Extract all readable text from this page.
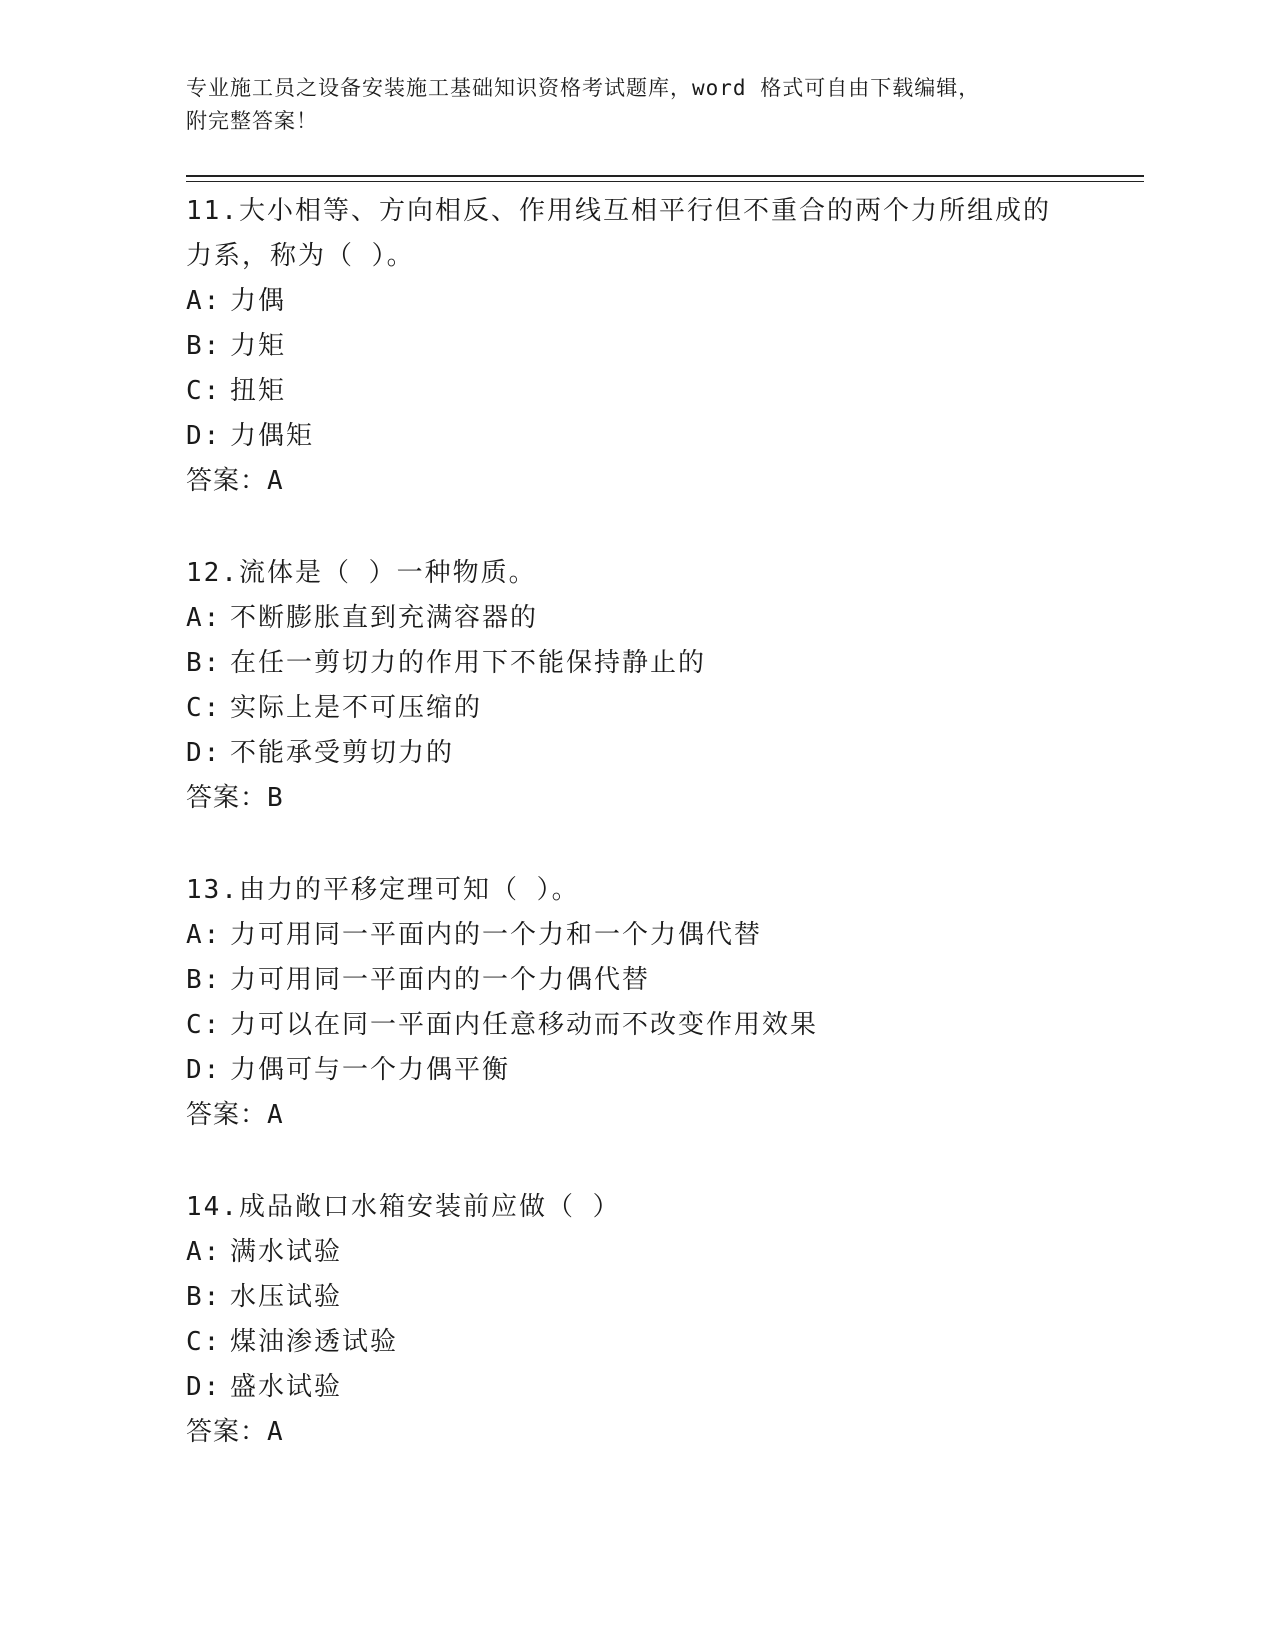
专业施工员之设备安装施工基础知识资格考试题库，word 格式可自由下载编辑，
附完整答案！
11.大小相等、方向相反、作用线互相平行但不重合的两个力所组成的
力系，称为（ ）。
A: 力偶
B: 力矩
C: 扭矩
D: 力偶矩
答案：A
12.流体是（ ）一种物质。
A: 不断膨胀直到充满容器的
B: 在任一剪切力的作用下不能保持静止的
C: 实际上是不可压缩的
D: 不能承受剪切力的
答案：B
13.由力的平移定理可知（ ）。
A: 力可用同一平面内的一个力和一个力偶代替
B: 力可用同一平面内的一个力偶代替
C: 力可以在同一平面内任意移动而不改变作用效果
D: 力偶可与一个力偶平衡
答案：A
14.成品敞口水箱安装前应做（ ）
A: 满水试验
B: 水压试验
C: 煤油渗透试验
D: 盛水试验
答案：A
